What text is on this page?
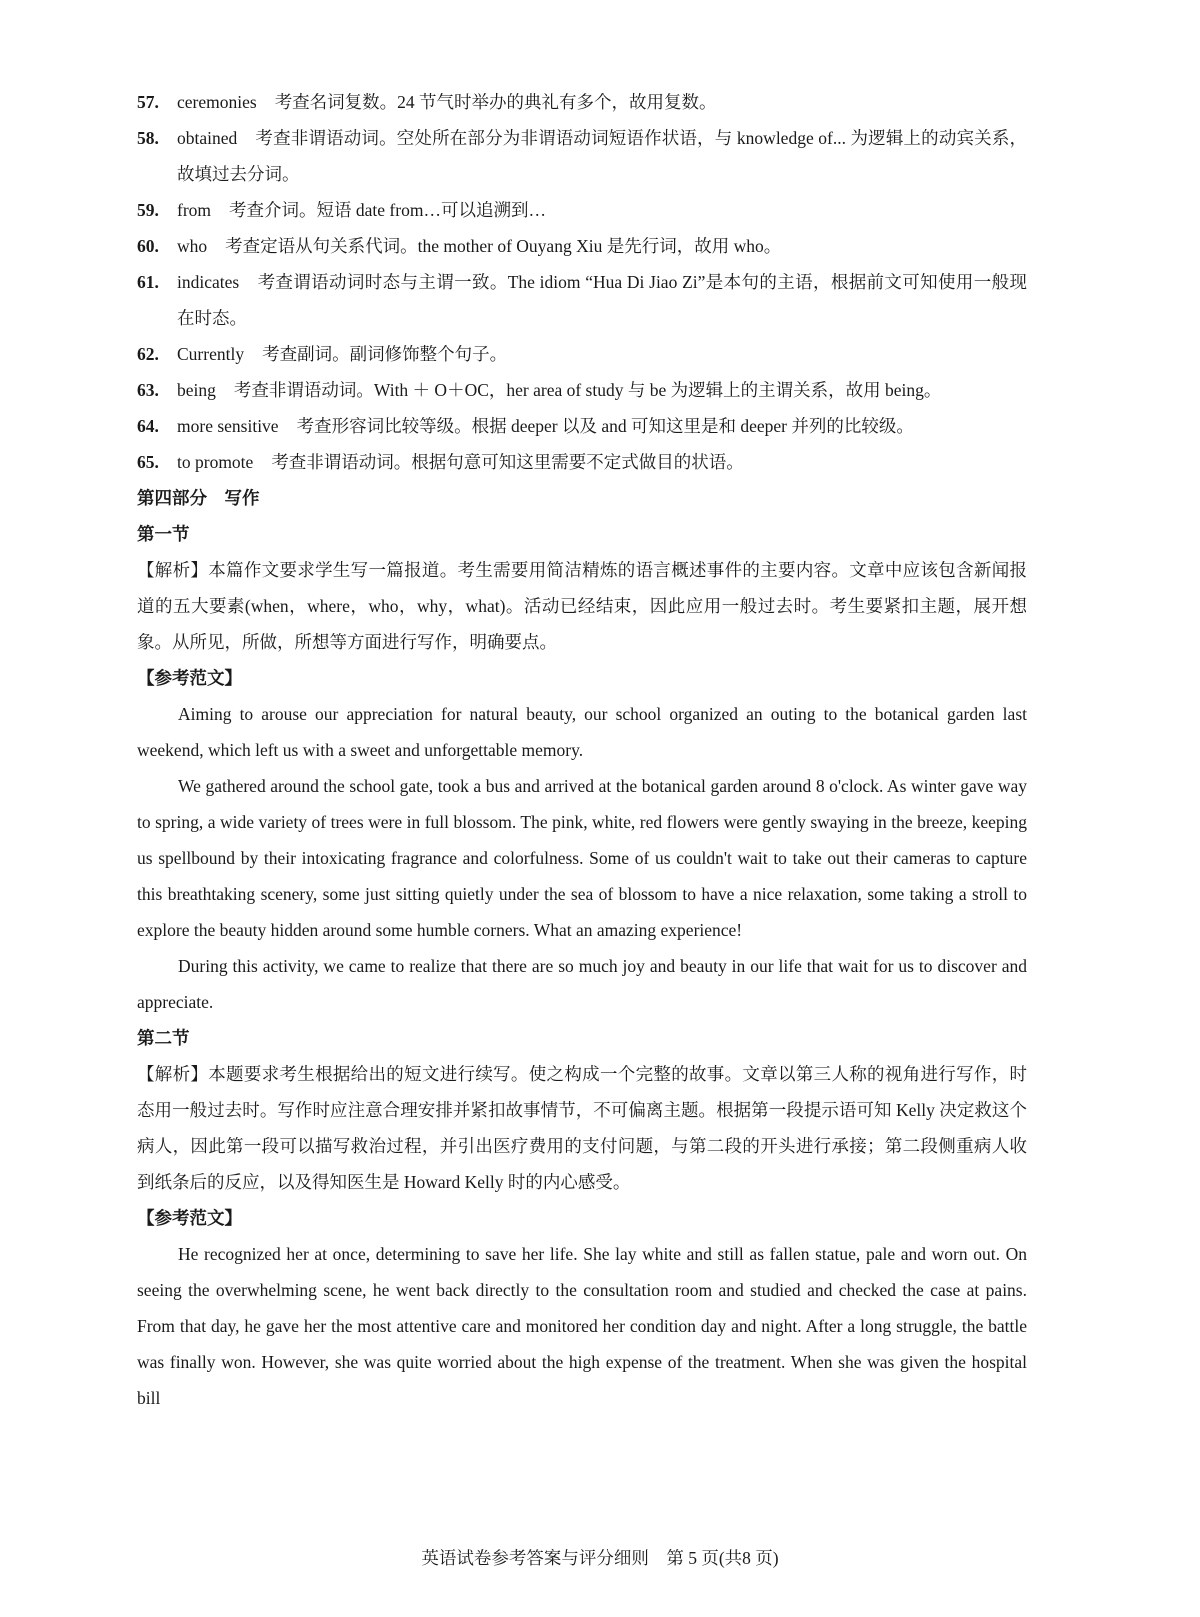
57.	ceremonies 考查名词复数。24 节气时举办的典礼有多个，故用复数。
58.	obtained 考查非谓语动词。空处所在部分为非谓语动词短语作状语，与 knowledge of... 为逻辑上的动宾关系，故填过去分词。
59.	from 考查介词。短语 date from…可以追溯到…
60.	who 考查定语从句关系代词。the mother of Ouyang Xiu 是先行词，故用 who。
61.	indicates 考查谓语动词时态与主谓一致。The idiom “Hua Di Jiao Zi”是本句的主语，根据前文可知使用一般现在时态。
62.	Currently 考查副词。副词修饰整个句子。
63.	being 考查非谓语动词。With ＋ O＋OC，her area of study 与 be 为逻辑上的主谓关系，故用 being。
64.	more sensitive 考查形容词比较等级。根据 deeper 以及 and 可知这里是和 deeper 并列的比较级。
65.	to promote 考查非谓语动词。根据句意可知这里需要不定式做目的状语。
第四部分　写作
第一节

【解析】本篇作文要求学生写一篇报道。考生需要用简洁精炼的语言概述事件的主要内容。文章中应该包含新闻报道的五大要素(when，where，who，why，what)。活动已经结束，因此应用一般过去时。考生要紧扣主题，展开想象。从所见，所做，所想等方面进行写作，明确要点。

【参考范文】

Aiming to arouse our appreciation for natural beauty, our school organized an outing to the botanical garden last weekend, which left us with a sweet and unforgettable memory.

We gathered around the school gate, took a bus and arrived at the botanical garden around 8 o'clock. As winter gave way to spring, a wide variety of trees were in full blossom. The pink, white, red flowers were gently swaying in the breeze, keeping us spellbound by their intoxicating fragrance and colorfulness. Some of us couldn't wait to take out their cameras to capture this breathtaking scenery, some just sitting quietly under the sea of blossom to have a nice relaxation, some taking a stroll to explore the beauty hidden around some humble corners. What an amazing experience!

During this activity, we came to realize that there are so much joy and beauty in our life that wait for us to discover and appreciate.

第二节

【解析】本题要求考生根据给出的短文进行续写。使之构成一个完整的故事。文章以第三人称的视角进行写作，时态用一般过去时。写作时应注意合理安排并紧扣故事情节，不可偏离主题。根据第一段提示语可知 Kelly 决定救这个病人，因此第一段可以描写救治过程，并引出医疗费用的支付问题，与第二段的开头进行承接；第二段侧重病人收到纸条后的反应，以及得知医生是 Howard Kelly 时的内心感受。

【参考范文】

He recognized her at once, determining to save her life. She lay white and still as fallen statue, pale and worn out. On seeing the overwhelming scene, he went back directly to the consultation room and studied and checked the case at pains. From that day, he gave her the most attentive care and monitored her condition day and night. After a long struggle, the battle was finally won. However, she was quite worried about the high expense of the treatment. When she was given the hospital bill

英语试卷参考答案与评分细则　第 5 页(共8 页)
